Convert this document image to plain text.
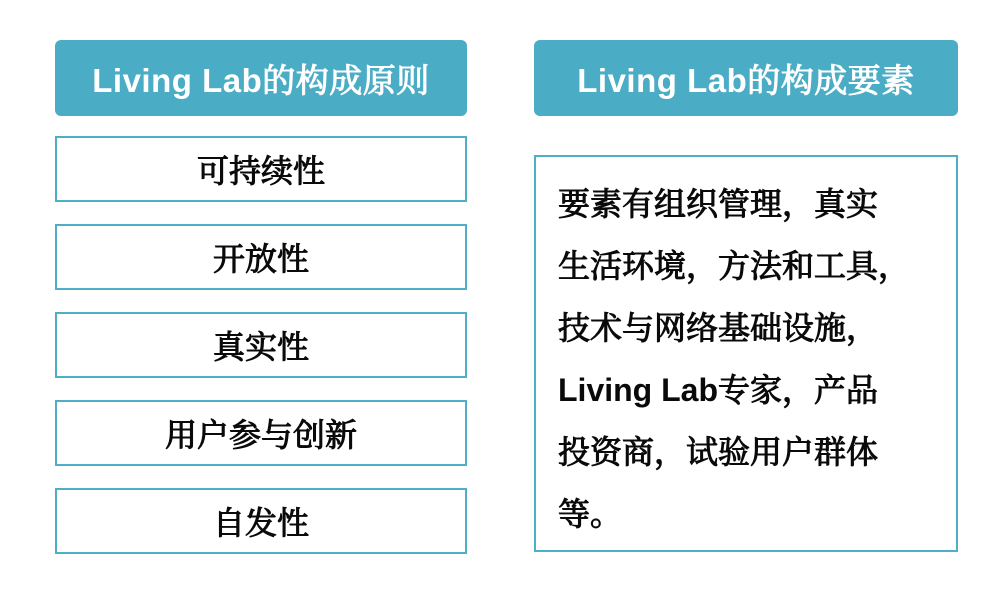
Living Lab的构成原则
可持续性
开放性
真实性
用户参与创新
自发性
Living Lab的构成要素
要素有组织管理，真实
生活环境，方法和工具，
技术与网络基础设施，
Living Lab专家，产品
投资商，试验用户群体
等。
